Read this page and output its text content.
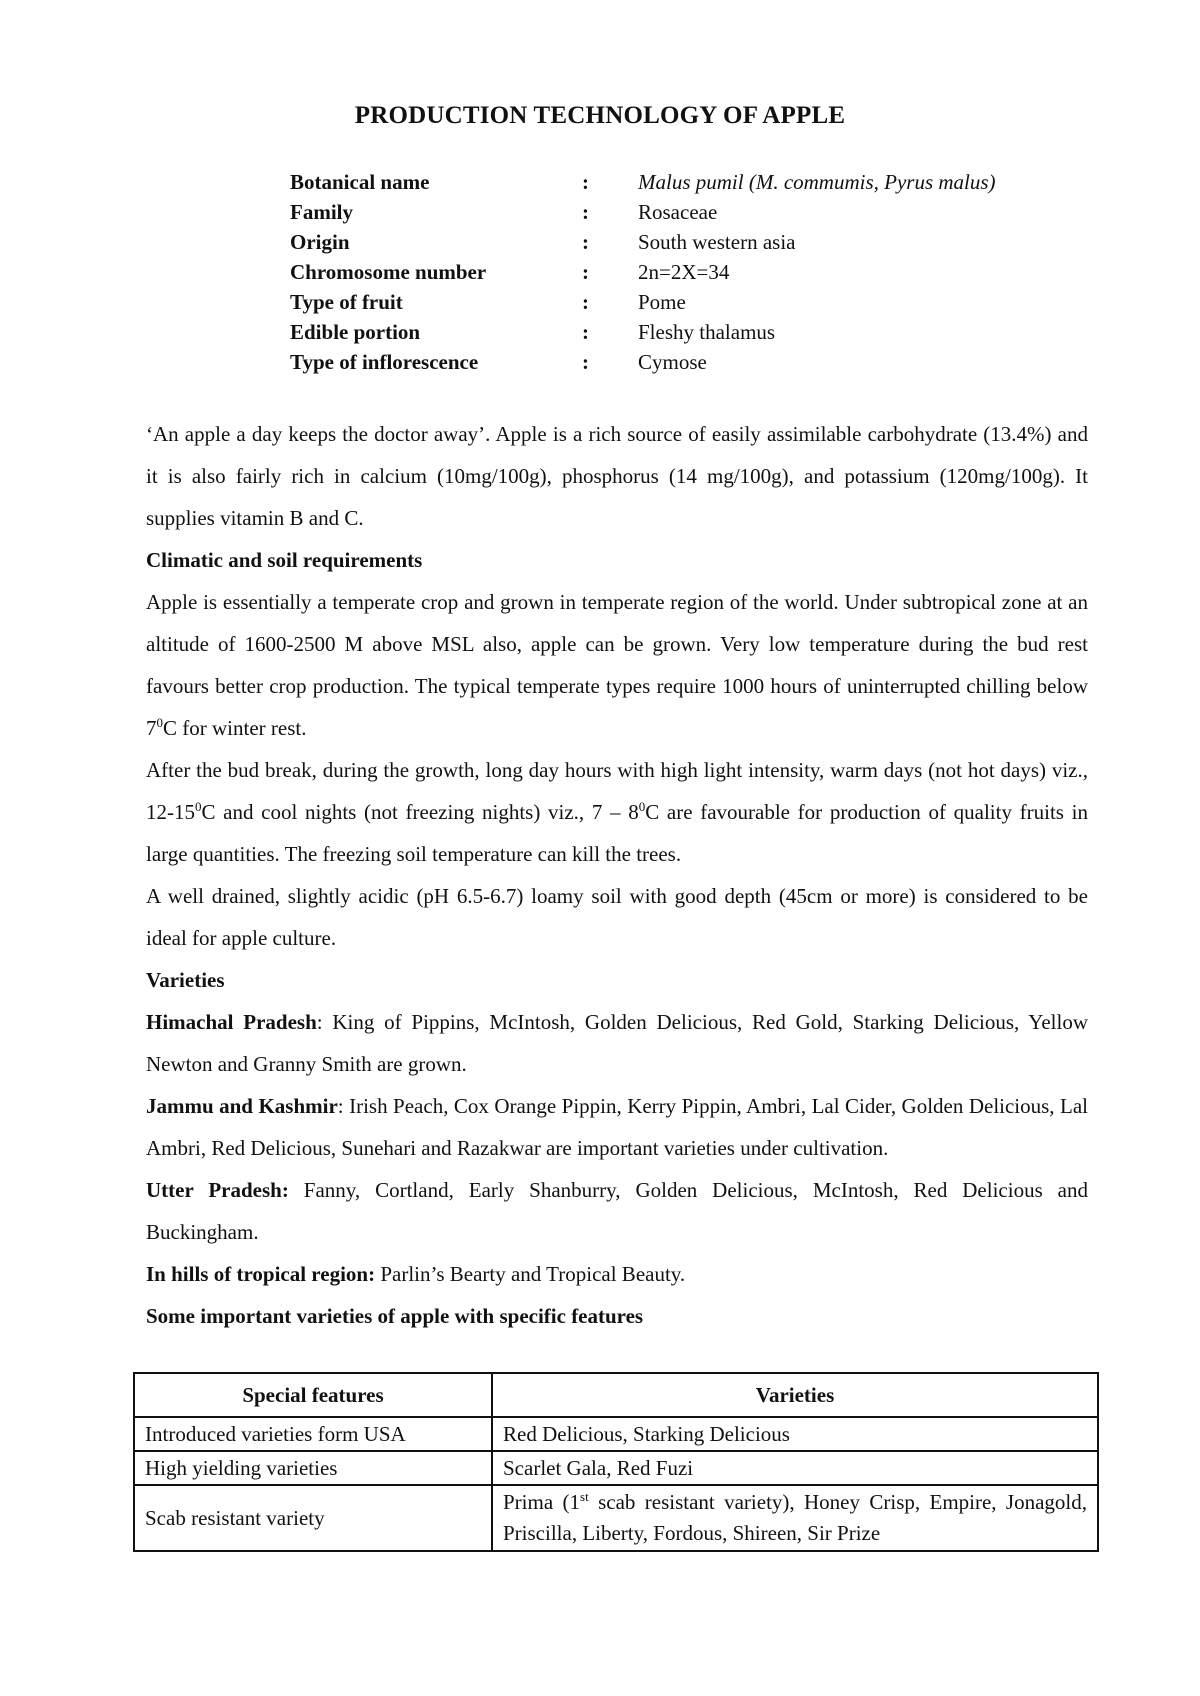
PRODUCTION TECHNOLOGY OF APPLE
Botanical name	: Malus pumil (M. commumis, Pyrus malus)
Family	: Rosaceae
Origin	: South western asia
Chromosome number	: 2n=2X=34
Type of fruit	: Pome
Edible portion	: Fleshy thalamus
Type of inflorescence	: Cymose

‘An apple a day keeps the doctor away’. Apple is a rich source of easily assimilable carbohydrate (13.4%) and it is also fairly rich in calcium (10mg/100g), phosphorus (14 mg/100g), and potassium (120mg/100g). It supplies vitamin B and C.

Climatic and soil requirements

Apple is essentially a temperate crop and grown in temperate region of the world. Under subtropical zone at an altitude of 1600-2500 M above MSL also, apple can be grown. Very low temperature during the bud rest favours better crop production. The typical temperate types require 1000 hours of uninterrupted chilling below $7^0C$ for winter rest.

After the bud break, during the growth, long day hours with high light intensity, warm days (not hot days) viz., $12-15^0C$ and cool nights (not freezing nights) viz., $7 - 8^0C$ are favourable for production of quality fruits in large quantities. The freezing soil temperature can kill the trees.

A well drained, slightly acidic (pH 6.5-6.7) loamy soil with good depth (45cm or more) is considered to be ideal for apple culture.

Varieties

Himachal Pradesh: King of Pippins, McIntosh, Golden Delicious, Red Gold, Starking Delicious, Yellow Newton and Granny Smith are grown.

Jammu and Kashmir: Irish Peach, Cox Orange Pippin, Kerry Pippin, Ambri, Lal Cider, Golden Delicious, Lal Ambri, Red Delicious, Sunehari and Razakwar are important varieties under cultivation.

Utter Pradesh: Fanny, Cortland, Early Shanburry, Golden Delicious, McIntosh, Red Delicious and Buckingham.

In hills of tropical region: Parlin’s Bearty and Tropical Beauty.

Some important varieties of apple with specific features

Special features	Varieties
Introduced varieties form USA	Red Delicious, Starking Delicious
High yielding varieties	Scarlet Gala, Red Fuzi
Scab resistant variety	Prima (1st scab resistant variety), Honey Crisp, Empire, Jonagold, Priscilla, Liberty, Fordous, Shireen, Sir Prize
